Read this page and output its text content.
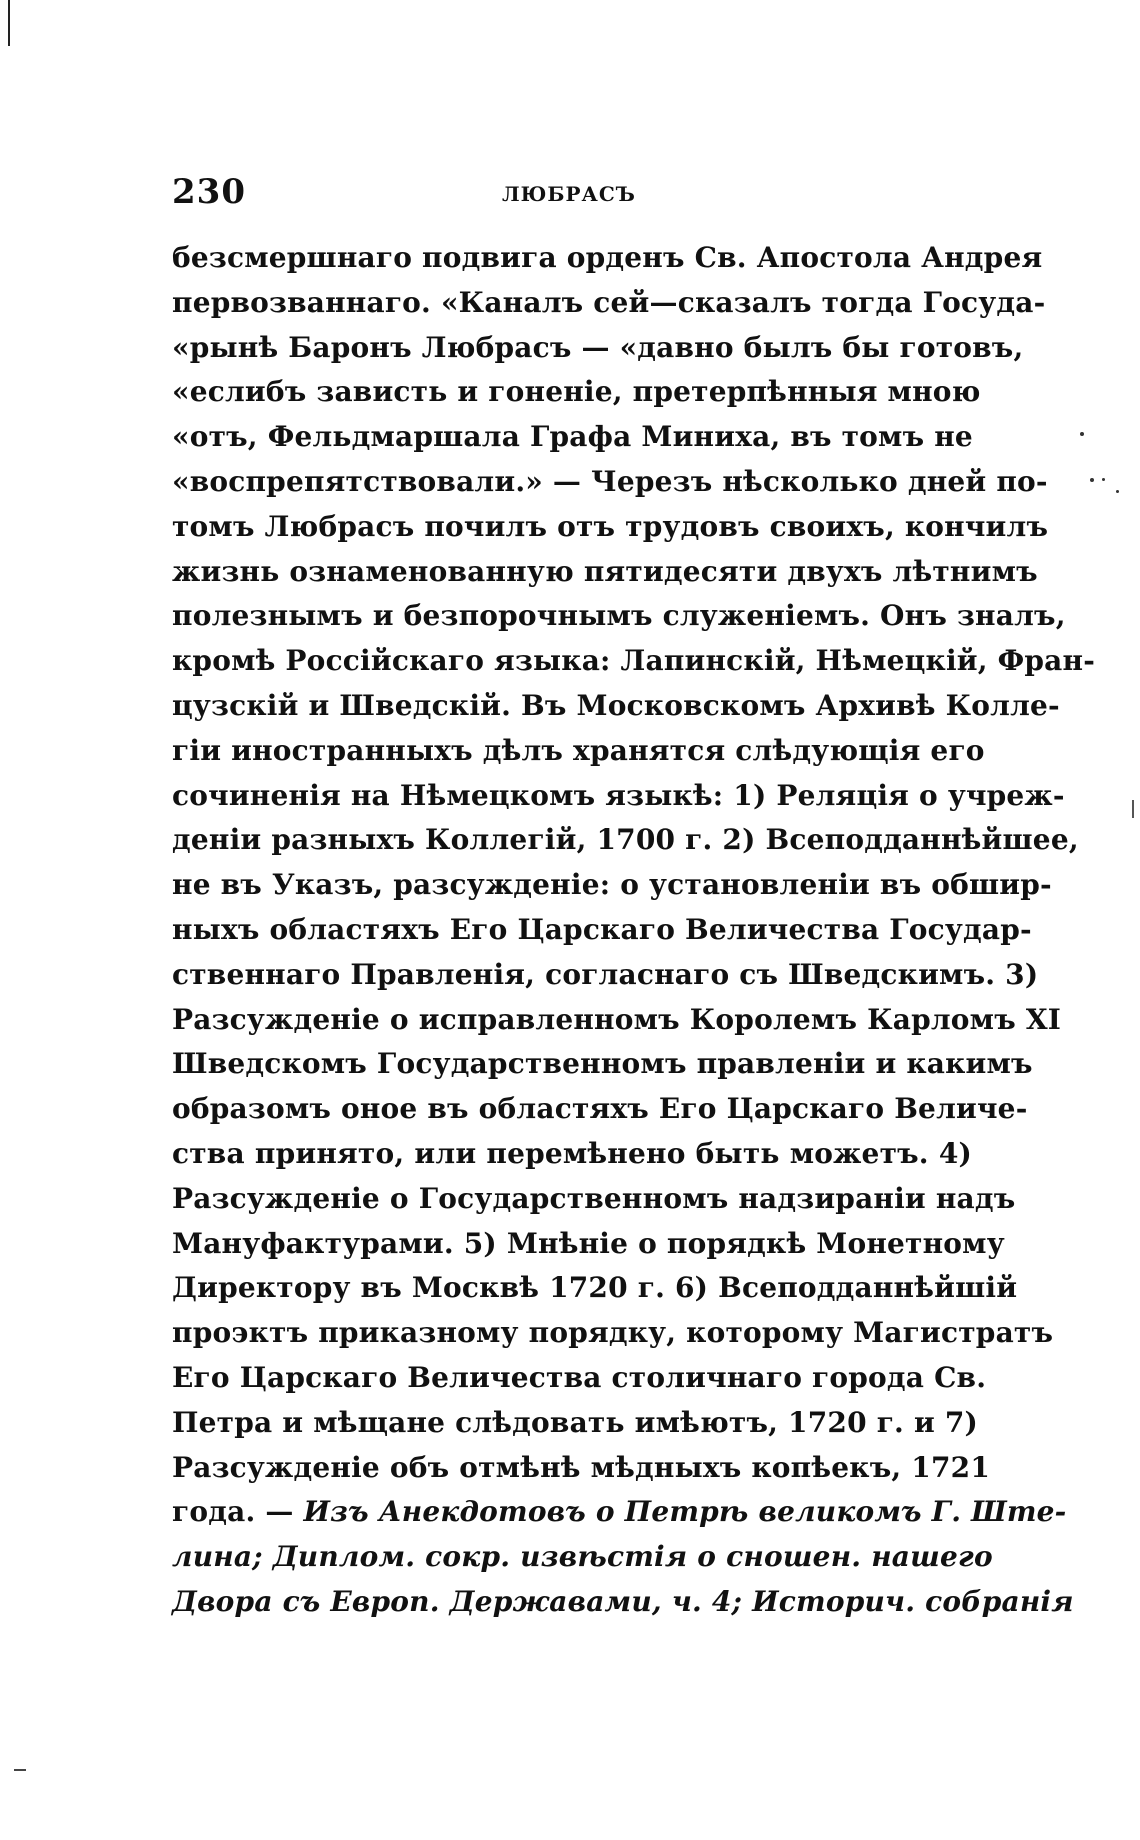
230	ЛЮБРАСЪ
безсмершнаго подвига орденъ Св. Апостола Андрея
первозваннаго. «Каналъ сей—сказалъ тогда Госуда-
«рынѣ Баронъ Любрасъ — «давно былъ бы готовъ,
«еслибъ зависть и гоненіе, претерпѣнныя мною
«отъ, Фельдмаршала Графа Миниха, въ томъ не
«воспрепятствовали.» — Черезъ нѣсколько дней по-
томъ Любрасъ почилъ отъ трудовъ своихъ, кончилъ
жизнь ознаменованную пятидесяти двухъ лѣтнимъ
полезнымъ и безпорочнымъ служеніемъ. Онъ зналъ,
кромѣ Россійскаго языка: Лапинскій, Нѣмецкій, Фран-
цузскій и Шведскій. Въ Московскомъ Архивѣ Колле-
гіи иностранныхъ дѣлъ хранятся слѣдующія его
сочиненія на Нѣмецкомъ языкѣ: 1) Реляція о учреж-
деніи разныхъ Коллегій, 1700 г. 2) Всеподданнѣйшее,
не въ Указъ, разсужденіе: о установленіи въ обшир-
ныхъ областяхъ Его Царскаго Величества Государ-
ственнаго Правленія, согласнаго съ Шведскимъ. 3)
Разсужденіе о исправленномъ Королемъ Карломъ XI
Шведскомъ Государственномъ правленіи и какимъ
образомъ оное въ областяхъ Его Царскаго Величе-
ства принято, или перемѣнено быть можетъ. 4)
Разсужденіе о Государственномъ надзираніи надъ
Мануфактурами. 5) Мнѣніе о порядкѣ Монетному
Директору въ Москвѣ 1720 г. 6) Всеподданнѣйшій
проэктъ приказному порядку, которому Магистратъ
Его Царскаго Величества столичнаго города Св.
Петра и мѣщане слѣдовать имѣютъ, 1720 г. и 7)
Разсужденіе объ отмѣнѣ мѣдныхъ копѣекъ, 1721
года. — Изъ Анекдотовъ о Петрѣ великомъ Г. Ште-
лина; Диплом. сокр. извѣстія о сношен. нашего
Двора съ Европ. Державами, ч. 4; Историч. собранія
